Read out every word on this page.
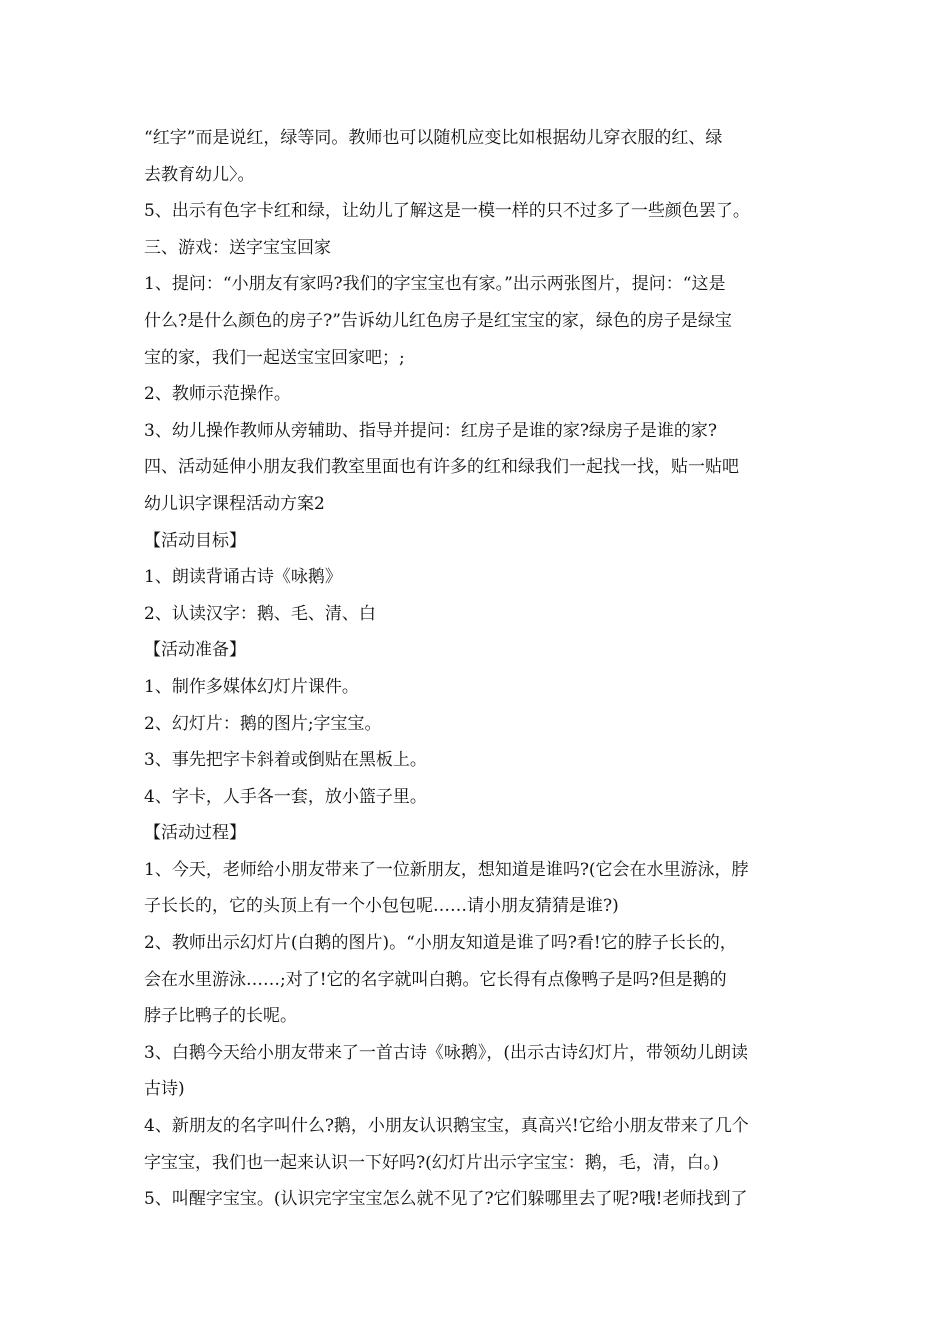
“红字”而是说红，绿等同。教师也可以随机应变比如根据幼儿穿衣服的红、绿
去教育幼儿〉。
5、出示有色字卡红和绿，让幼儿了解这是一模一样的只不过多了一些颜色罢了。
三、游戏：送字宝宝回家
1、提问：“小朋友有家吗?我们的字宝宝也有家。”出示两张图片，提问：“这是
什么?是什么颜色的房子?”告诉幼儿红色房子是红宝宝的家，绿色的房子是绿宝
宝的家，我们一起送宝宝回家吧；;
2、教师示范操作。
3、幼儿操作教师从旁辅助、指导并提问：红房子是谁的家?绿房子是谁的家?
四、活动延伸小朋友我们教室里面也有许多的红和绿我们一起找一找，贴一贴吧
幼儿识字课程活动方案2
【活动目标】
1、朗读背诵古诗《咏鹅》
2、认读汉字：鹅、毛、清、白
【活动准备】
1、制作多媒体幻灯片课件。
2、幻灯片：鹅的图片;字宝宝。
3、事先把字卡斜着或倒贴在黑板上。
4、字卡，人手各一套，放小篮子里。
【活动过程】
1、今天，老师给小朋友带来了一位新朋友，想知道是谁吗?(它会在水里游泳，脖
子长长的，它的头顶上有一个小包包呢……请小朋友猜猜是谁?)
2、教师出示幻灯片(白鹅的图片)。“小朋友知道是谁了吗?看!它的脖子长长的，
会在水里游泳……;对了!它的名字就叫白鹅。它长得有点像鸭子是吗?但是鹅的
脖子比鸭子的长呢。
3、白鹅今天给小朋友带来了一首古诗《咏鹅》，(出示古诗幻灯片，带领幼儿朗读
古诗)
4、新朋友的名字叫什么?鹅，小朋友认识鹅宝宝，真高兴!它给小朋友带来了几个
字宝宝，我们也一起来认识一下好吗?(幻灯片出示字宝宝：鹅，毛，清，白。)
5、叫醒字宝宝。(认识完字宝宝怎么就不见了?它们躲哪里去了呢?哦!老师找到了
